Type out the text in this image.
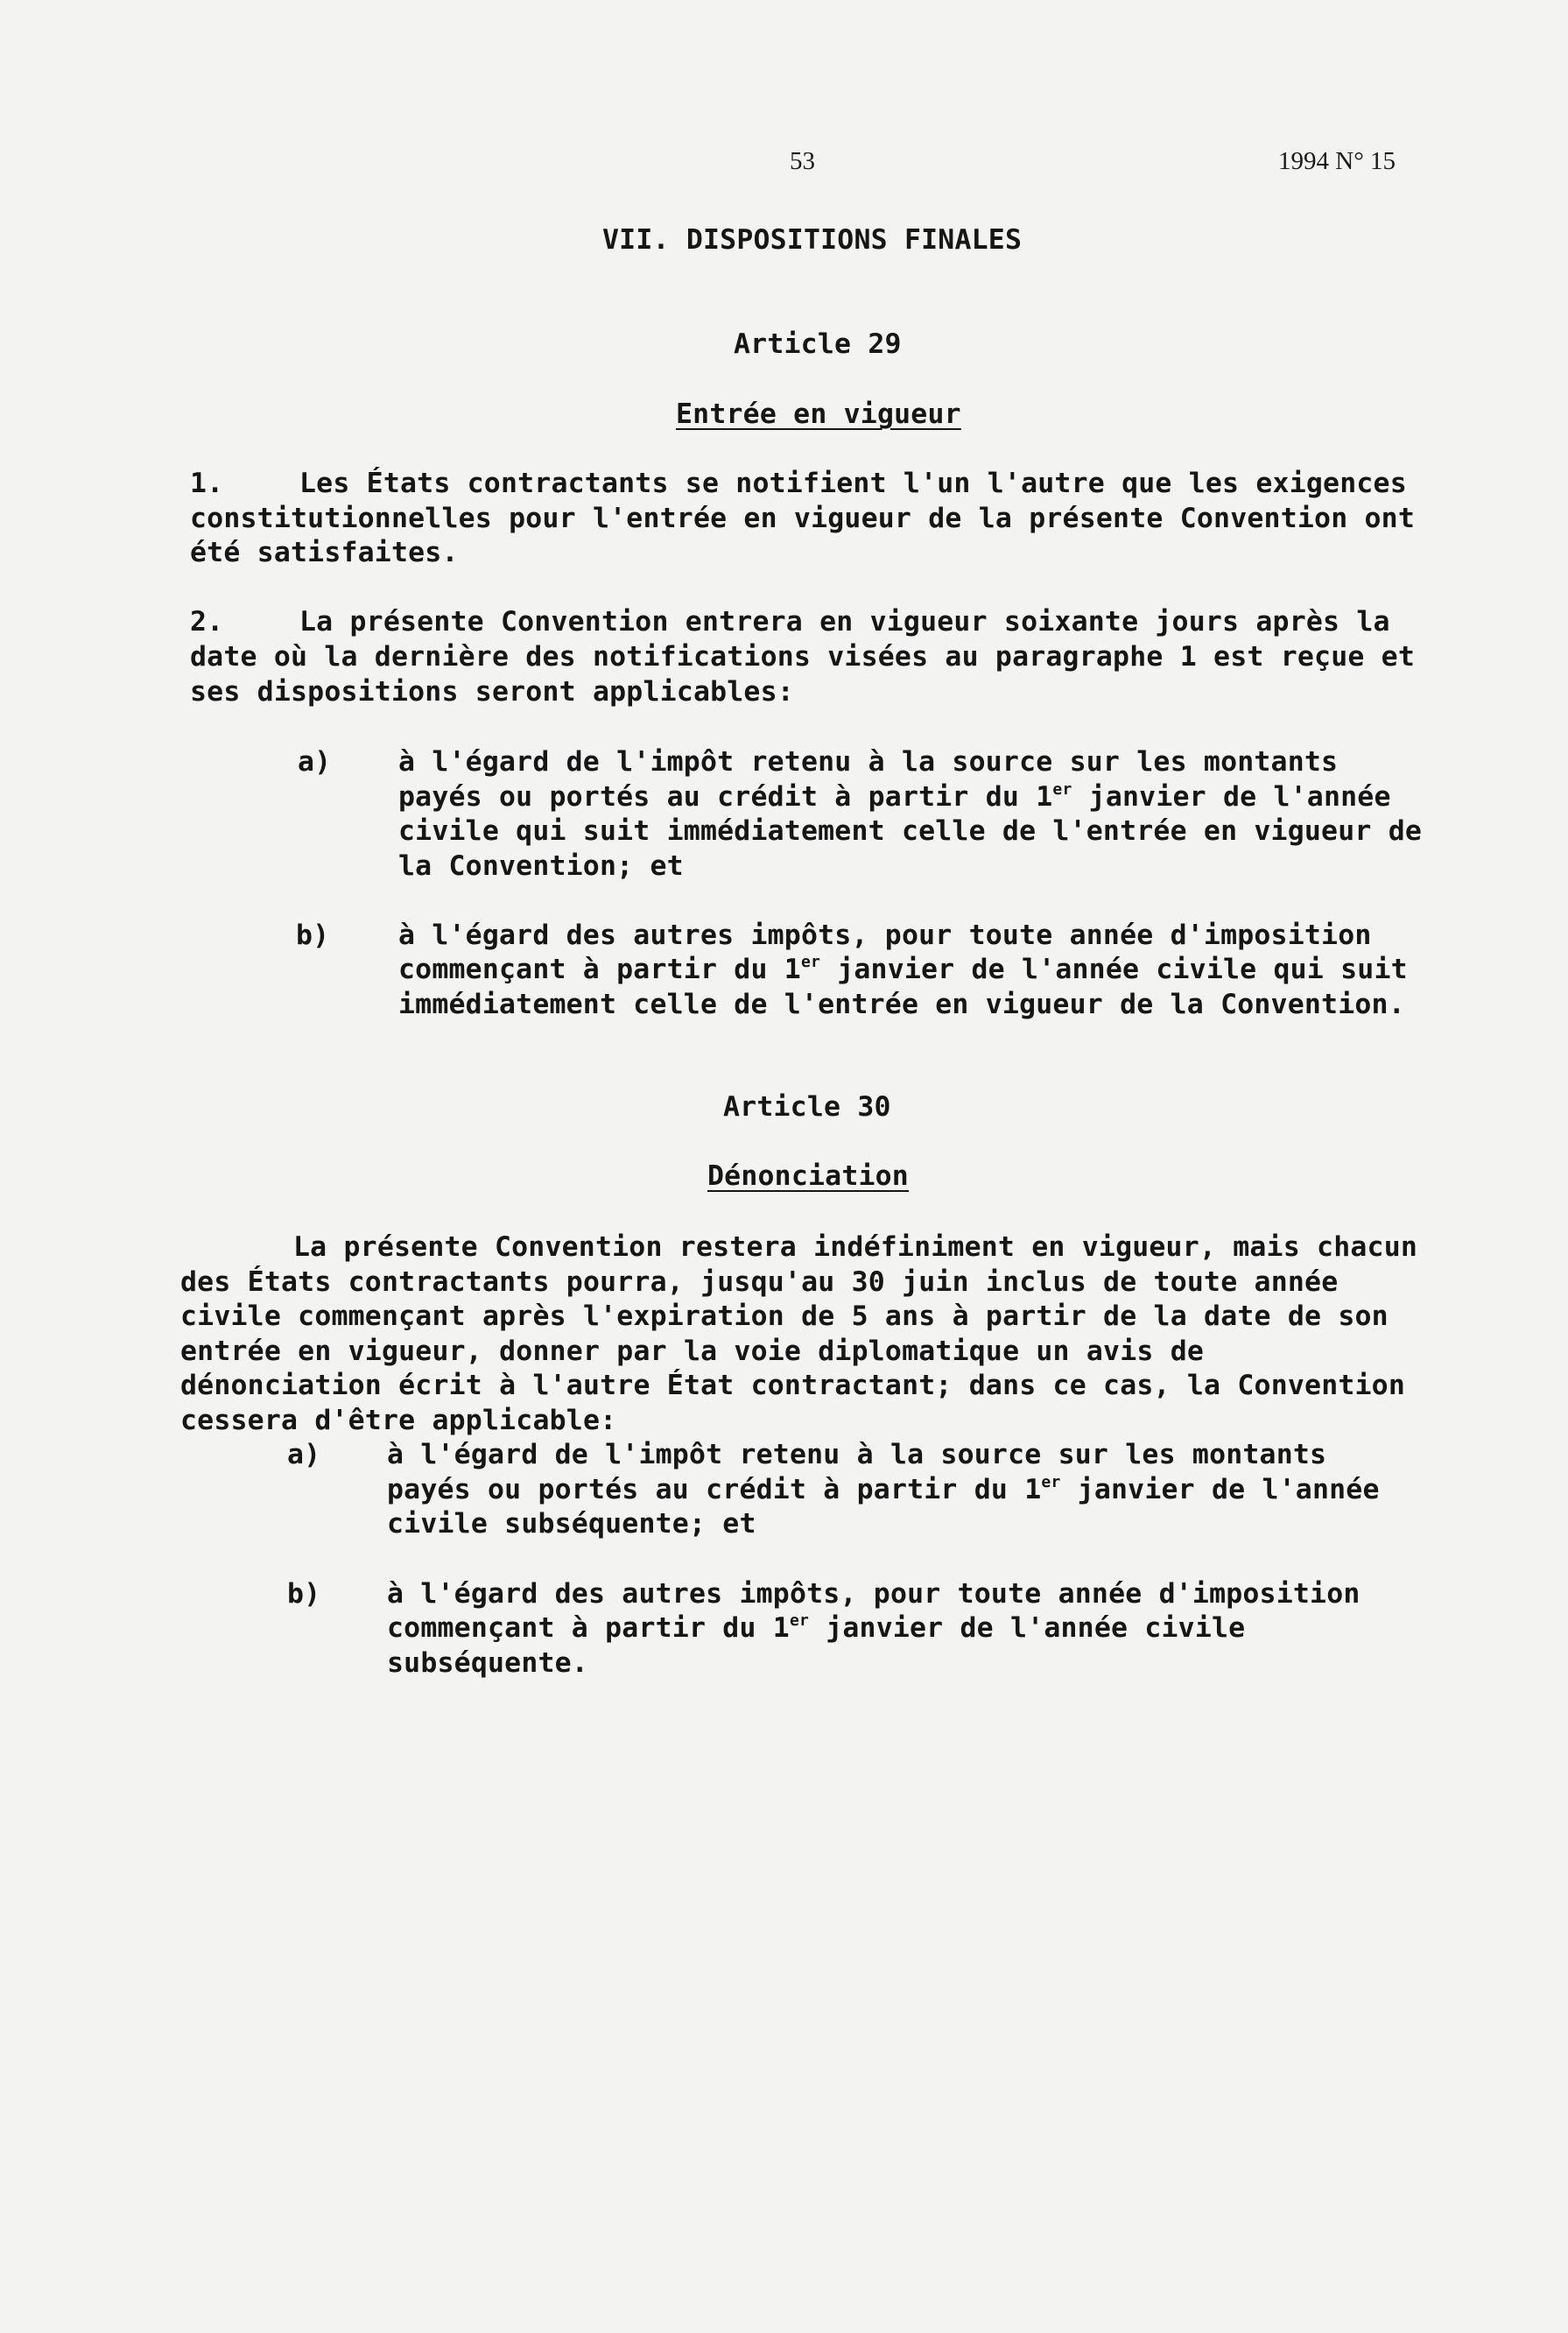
53	1994 N° 15
VII. DISPOSITIONS FINALES
Article 29
Entrée en vigueur
1.	Les États contractants se notifient l'un l'autre que les exigences
constitutionnelles pour l'entrée en vigueur de la présente Convention ont
été satisfaites.
2.	La présente Convention entrera en vigueur soixante jours après la
date où la dernière des notifications visées au paragraphe 1 est reçue et
ses dispositions seront applicables:
a) à l'égard de l'impôt retenu à la source sur les montants
payés ou portés au crédit à partir du 1er janvier de l'année
civile qui suit immédiatement celle de l'entrée en vigueur de
la Convention; et
b) à l'égard des autres impôts, pour toute année d'imposition
commençant à partir du 1er janvier de l'année civile qui suit
immédiatement celle de l'entrée en vigueur de la Convention.
Article 30
Dénonciation
La présente Convention restera indéfiniment en vigueur, mais chacun
des États contractants pourra, jusqu'au 30 juin inclus de toute année
civile commençant après l'expiration de 5 ans à partir de la date de son
entrée en vigueur, donner par la voie diplomatique un avis de
dénonciation écrit à l'autre État contractant; dans ce cas, la Convention
cessera d'être applicable:
a) à l'égard de l'impôt retenu à la source sur les montants
payés ou portés au crédit à partir du 1er janvier de l'année
civile subséquente; et
b) à l'égard des autres impôts, pour toute année d'imposition
commençant à partir du 1er janvier de l'année civile
subséquente.
